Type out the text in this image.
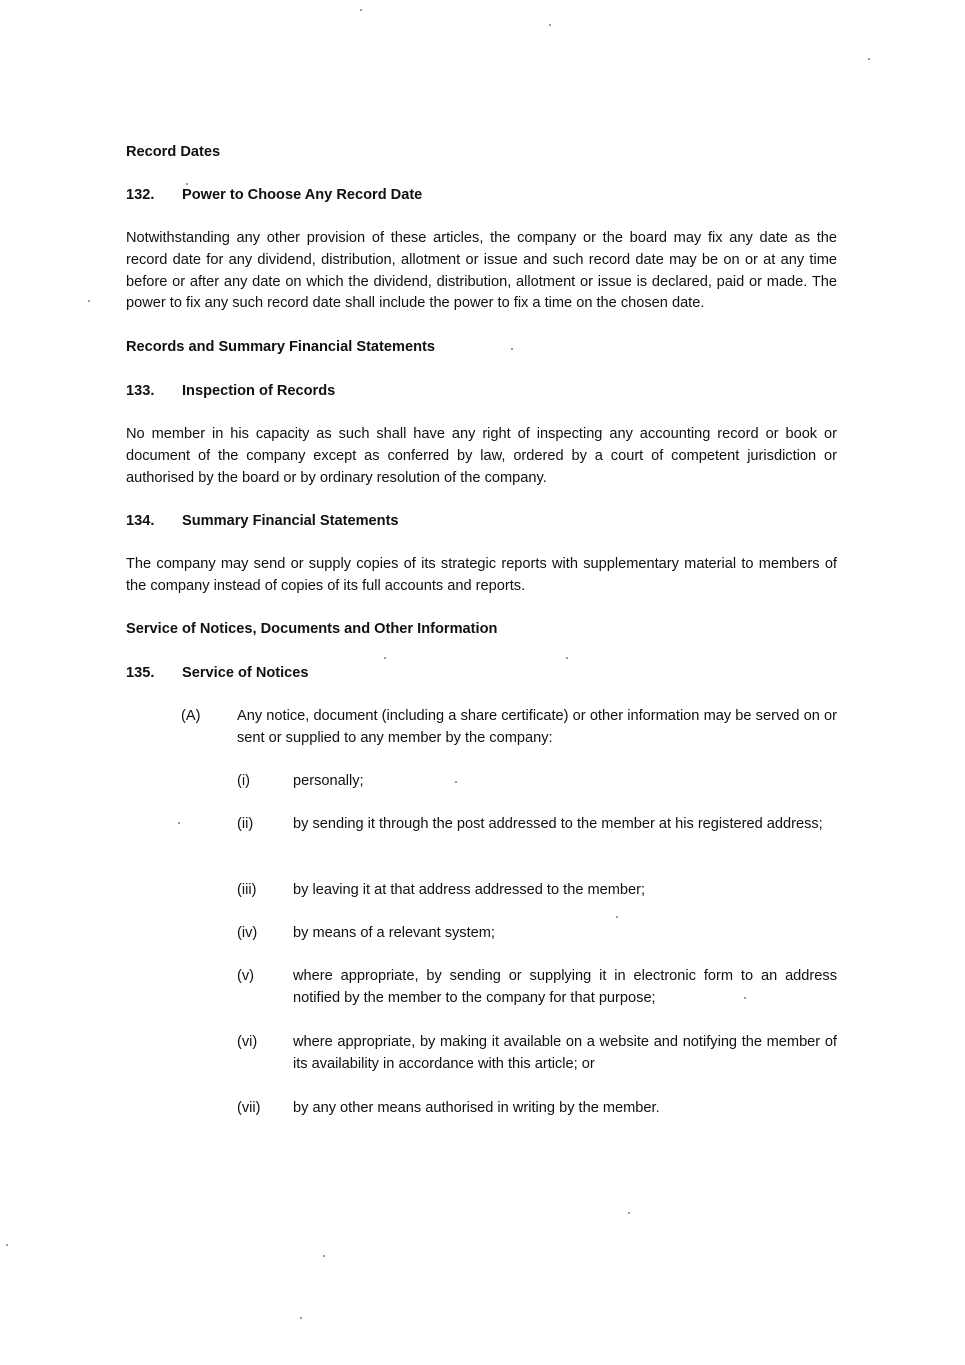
Record Dates

132. Power to Choose Any Record Date

Notwithstanding any other provision of these articles, the company or the board may fix any date as the record date for any dividend, distribution, allotment or issue and such record date may be on or at any time before or after any date on which the dividend, distribution, allotment or issue is declared, paid or made. The power to fix any such record date shall include the power to fix a time on the chosen date.

Records and Summary Financial Statements

133. Inspection of Records

No member in his capacity as such shall have any right of inspecting any accounting record or book or document of the company except as conferred by law, ordered by a court of competent jurisdiction or authorised by the board or by ordinary resolution of the company.

134. Summary Financial Statements

The company may send or supply copies of its strategic reports with supplementary material to members of the company instead of copies of its full accounts and reports.

Service of Notices, Documents and Other Information

135. Service of Notices
(A)	Any notice, document (including a share certificate) or other information may be served on or sent or supplied to any member by the company:
(i)	personally;
(ii)	by sending it through the post addressed to the member at his registered address;
(iii)	by leaving it at that address addressed to the member;
(iv) by means of a relevant system;
(v)	where appropriate, by sending or supplying it in electronic form to an address notified by the member to the company for that purpose;
(vi) where appropriate, by making it available on a website and notifying the member of its availability in accordance with this article; or
(vii) by any other means authorised in writing by the member.
